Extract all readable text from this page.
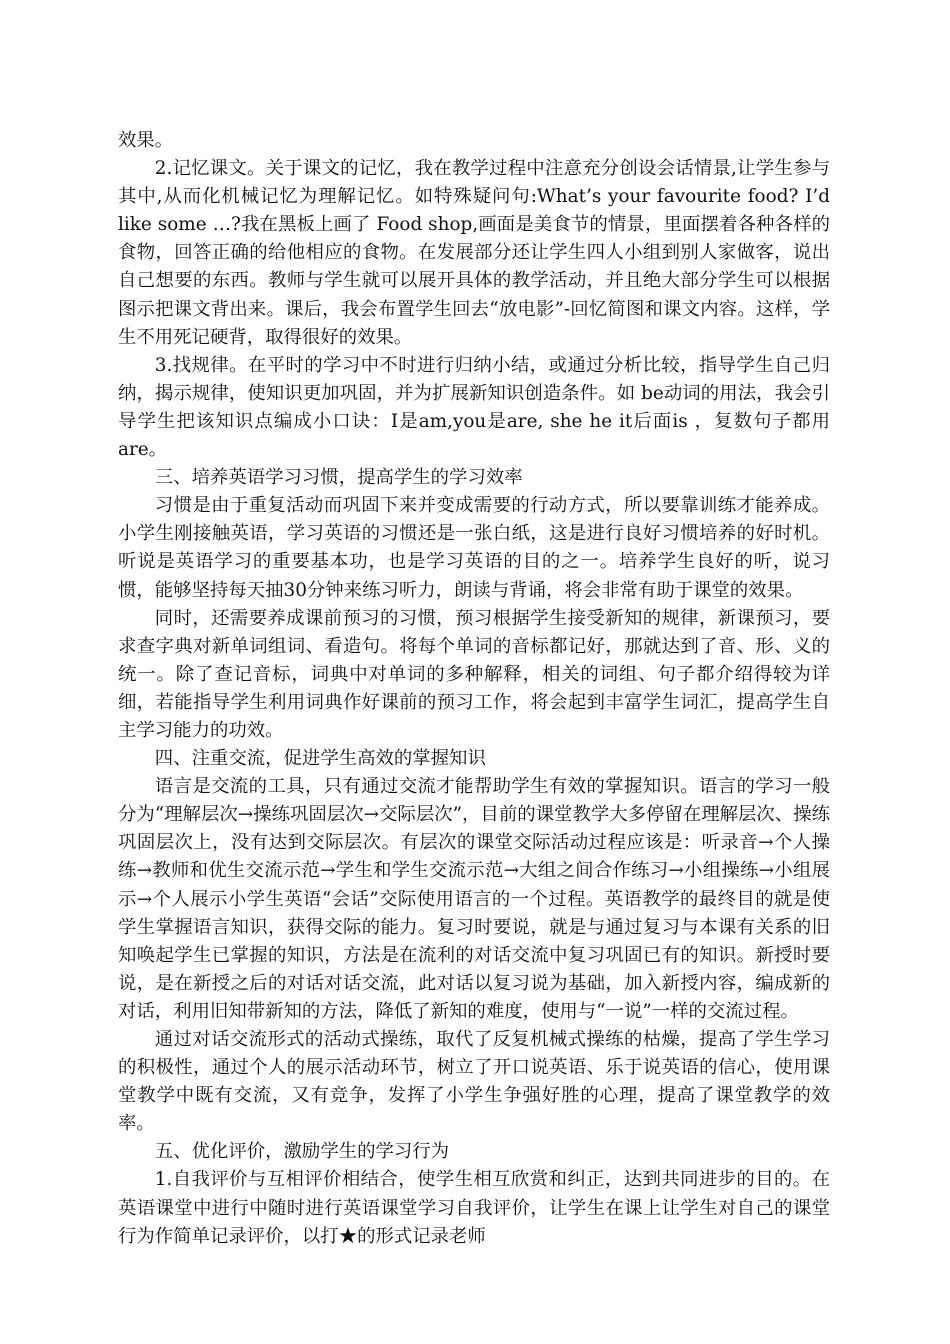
效果。

2.记忆课文。关于课文的记忆，我在教学过程中注意充分创设会话情景,让学生参与其中,从而化机械记忆为理解记忆。如特殊疑问句:What’s your favourite food? I’d like some …?我在黑板上画了 Food shop,画面是美食节的情景，里面摆着各种各样的食物，回答正确的给他相应的食物。在发展部分还让学生四人小组到别人家做客，说出自己想要的东西。教师与学生就可以展开具体的教学活动，并且绝大部分学生可以根据图示把课文背出来。课后，我会布置学生回去“放电影”-回忆简图和课文内容。这样，学生不用死记硬背，取得很好的效果。

3.找规律。在平时的学习中不时进行归纳小结，或通过分析比较，指导学生自己归纳，揭示规律，使知识更加巩固，并为扩展新知识创造条件。如 be动词的用法，我会引导学生把该知识点编成小口诀：I是am,you是are, she he it后面is ，复数句子都用are。

三、培养英语学习习惯，提高学生的学习效率

习惯是由于重复活动而巩固下来并变成需要的行动方式，所以要靠训练才能养成。小学生刚接触英语，学习英语的习惯还是一张白纸，这是进行良好习惯培养的好时机。听说是英语学习的重要基本功，也是学习英语的目的之一。培养学生良好的听，说习惯，能够坚持每天抽30分钟来练习听力，朗读与背诵，将会非常有助于课堂的效果。

同时，还需要养成课前预习的习惯，预习根据学生接受新知的规律，新课预习，要求查字典对新单词组词、看造句。将每个单词的音标都记好，那就达到了音、形、义的统一。除了查记音标，词典中对单词的多种解释，相关的词组、句子都介绍得较为详细，若能指导学生利用词典作好课前的预习工作，将会起到丰富学生词汇，提高学生自主学习能力的功效。

四、注重交流，促进学生高效的掌握知识

语言是交流的工具，只有通过交流才能帮助学生有效的掌握知识。语言的学习一般分为“理解层次→操练巩固层次→交际层次”，目前的课堂教学大多停留在理解层次、操练巩固层次上，没有达到交际层次。有层次的课堂交际活动过程应该是：听录音→个人操练→教师和优生交流示范→学生和学生交流示范→大组之间合作练习→小组操练→小组展示→个人展示小学生英语“会话”交际使用语言的一个过程。英语教学的最终目的就是使学生掌握语言知识，获得交际的能力。复习时要说，就是与通过复习与本课有关系的旧知唤起学生已掌握的知识，方法是在流利的对话交流中复习巩固已有的知识。新授时要说，是在新授之后的对话对话交流，此对话以复习说为基础，加入新授内容，编成新的对话，利用旧知带新知的方法，降低了新知的难度，使用与“一说”一样的交流过程。

通过对话交流形式的活动式操练，取代了反复机械式操练的枯燥，提高了学生学习的积极性，通过个人的展示活动环节，树立了开口说英语、乐于说英语的信心，使用课堂教学中既有交流，又有竞争，发挥了小学生争强好胜的心理，提高了课堂教学的效率。

五、优化评价，激励学生的学习行为

1.自我评价与互相评价相结合，使学生相互欣赏和纠正，达到共同进步的目的。在英语课堂中进行中随时进行英语课堂学习自我评价，让学生在课上让学生对自己的课堂行为作简单记录评价，以打★的形式记录老师
